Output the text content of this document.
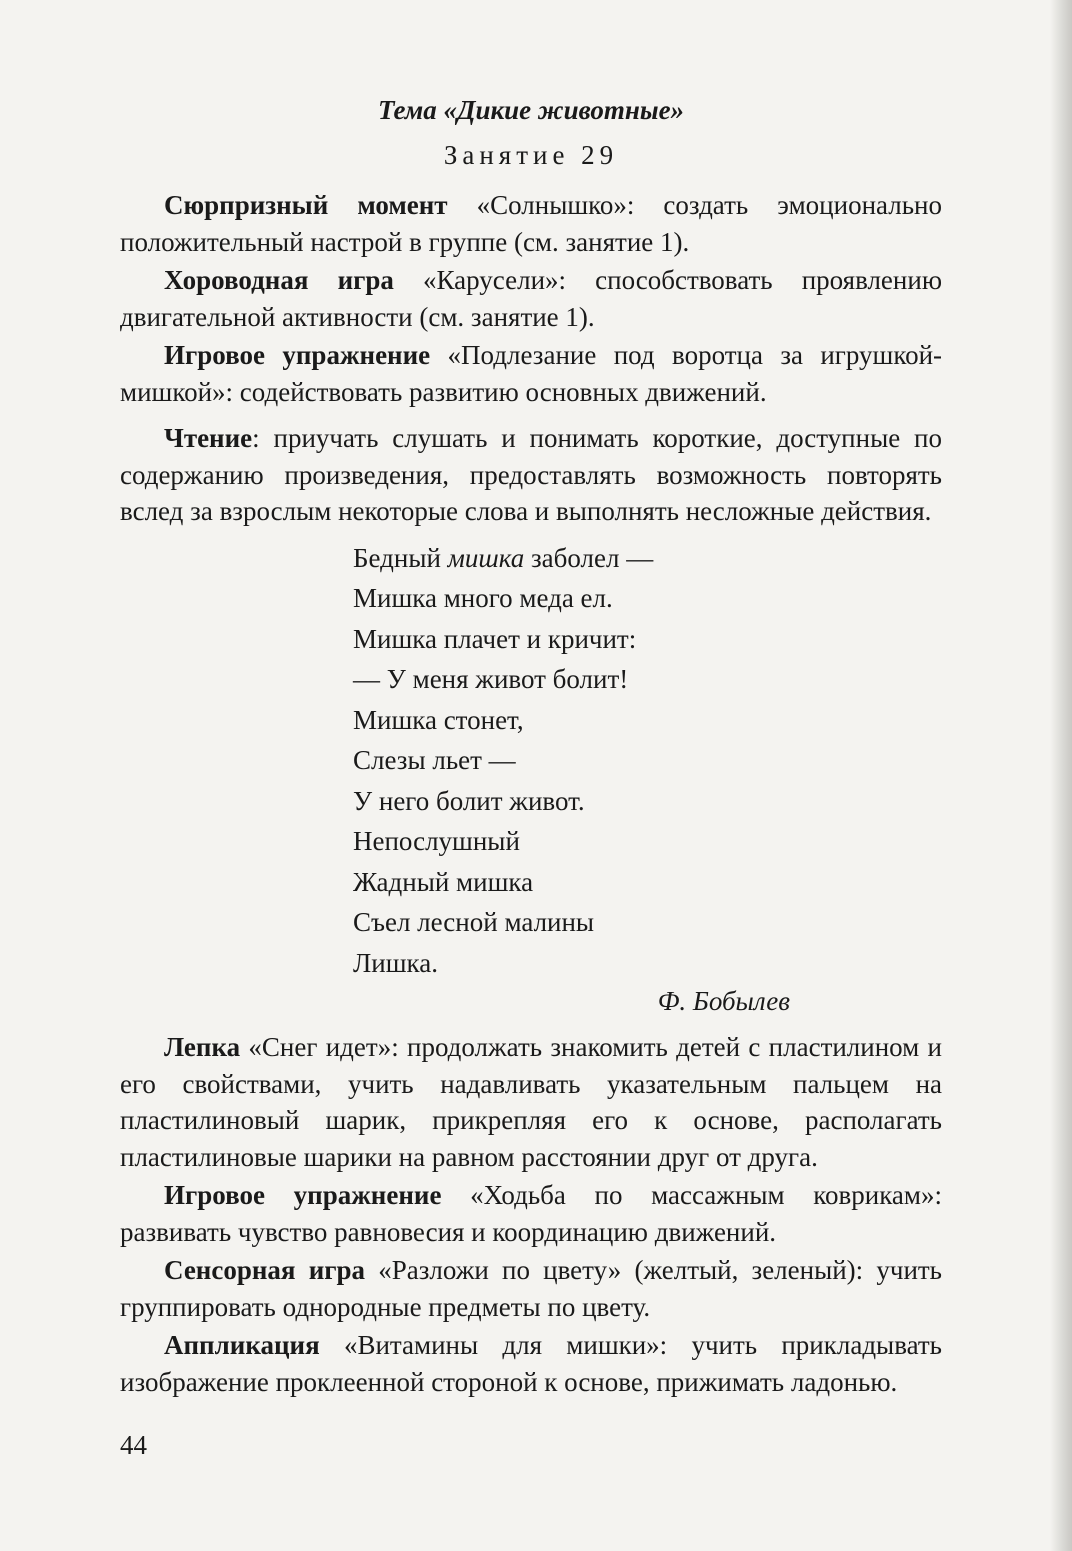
Тема «Дикие животные»
Занятие 29

Сюрпризный момент «Солнышко»: создать эмоционально положительный настрой в группе (см. занятие 1).

Хороводная игра «Карусели»: способствовать проявлению двигательной активности (см. занятие 1).

Игровое упражнение «Подлезание под воротца за игрушкой-мишкой»: содействовать развитию основных движений.

Чтение: приучать слушать и понимать короткие, доступные по содержанию произведения, предоставлять возможность повторять вслед за взрослым некоторые слова и выполнять несложные действия.

Бедный мишка заболел —
Мишка много меда ел.
Мишка плачет и кричит:
— У меня живот болит!
Мишка стонет,
Слезы льет —
У него болит живот.
Непослушный
Жадный мишка
Съел лесной малины
Лишка.
Ф. Бобылев

Лепка «Снег идет»: продолжать знакомить детей с пластилином и его свойствами, учить надавливать указательным пальцем на пластилиновый шарик, прикрепляя его к основе, располагать пластилиновые шарики на равном расстоянии друг от друга.

Игровое упражнение «Ходьба по массажным коврикам»: развивать чувство равновесия и координацию движений.

Сенсорная игра «Разложи по цвету» (желтый, зеленый): учить группировать однородные предметы по цвету.

Аппликация «Витамины для мишки»: учить прикладывать изображение проклеенной стороной к основе, прижимать ладонью.

44
